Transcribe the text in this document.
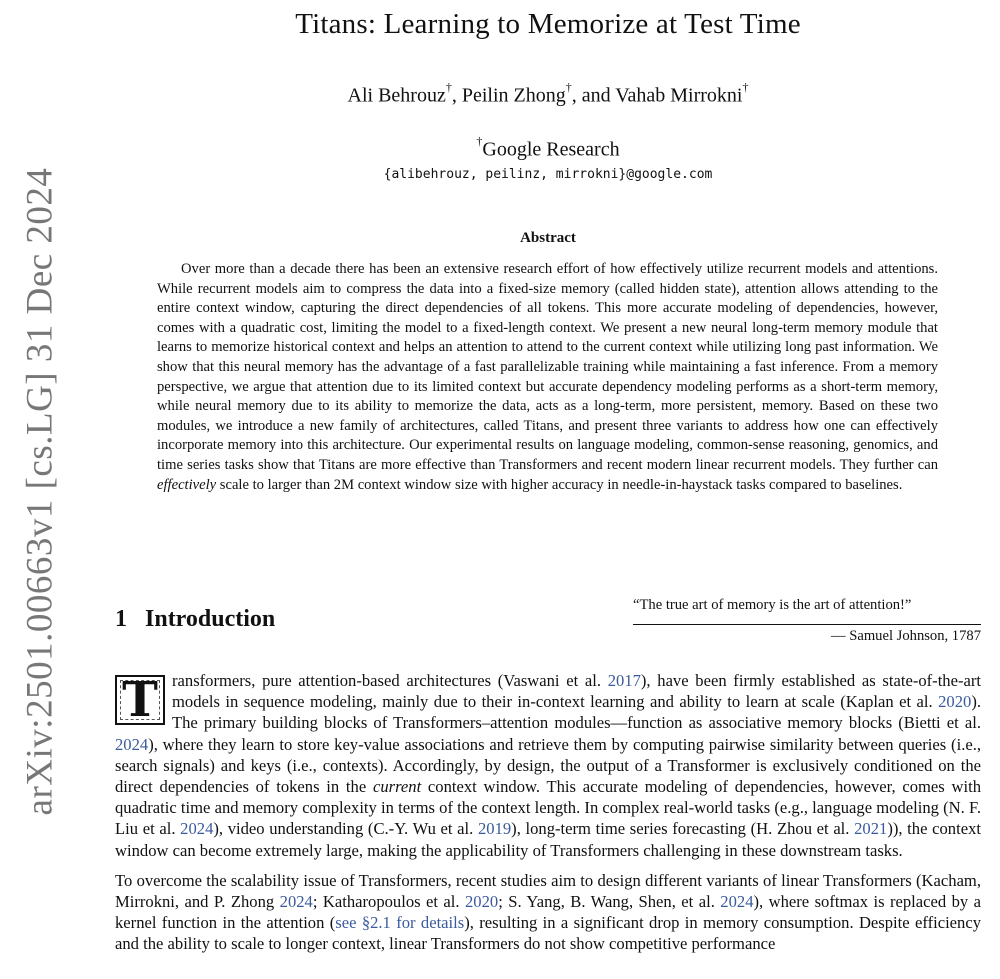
arXiv:2501.00663v1 [cs.LG] 31 Dec 2024
Titans: Learning to Memorize at Test Time
Ali Behrouz†, Peilin Zhong†, and Vahab Mirrokni†
†Google Research
{alibehrouz, peilinz, mirrokni}@google.com
Abstract

Over more than a decade there has been an extensive research effort of how effectively utilize recurrent models and attentions. While recurrent models aim to compress the data into a fixed-size memory (called hidden state), attention allows attending to the entire context window, capturing the direct dependencies of all tokens. This more accurate modeling of dependencies, however, comes with a quadratic cost, limiting the model to a fixed-length context. We present a new neural long-term memory module that learns to memorize historical context and helps an attention to attend to the current context while utilizing long past information. We show that this neural memory has the advantage of a fast parallelizable training while maintaining a fast inference. From a memory perspective, we argue that attention due to its limited context but accurate dependency modeling performs as a short-term memory, while neural memory due to its ability to memorize the data, acts as a long-term, more persistent, memory. Based on these two modules, we introduce a new family of architectures, called Titans, and present three variants to address how one can effectively incorporate memory into this architecture. Our experimental results on language modeling, common-sense reasoning, genomics, and time series tasks show that Titans are more effective than Transformers and recent modern linear recurrent models. They further can effectively scale to larger than 2M context window size with higher accuracy in needle-in-haystack tasks compared to baselines.

1 Introduction
“The true art of memory is the art of attention!”
— Samuel Johnson, 1787

T ransformers, pure attention-based architectures (Vaswani et al. 2017), have been firmly established as state-of-the-art models in sequence modeling, mainly due to their in-context learning and ability to learn at scale (Kaplan et al. 2020). The primary building blocks of Transformers–attention modules—function as associative memory blocks (Bietti et al. 2024), where they learn to store key-value associations and retrieve them by computing pairwise similarity between queries (i.e., search signals) and keys (i.e., contexts). Accordingly, by design, the output of a Transformer is exclusively conditioned on the direct dependencies of tokens in the current context window. This accurate modeling of dependencies, however, comes with quadratic time and memory complexity in terms of the context length. In complex real-world tasks (e.g., language modeling (N. F. Liu et al. 2024), video understanding (C.-Y. Wu et al. 2019), long-term time series forecasting (H. Zhou et al. 2021)), the context window can become extremely large, making the applicability of Transformers challenging in these downstream tasks.

To overcome the scalability issue of Transformers, recent studies aim to design different variants of linear Transformers (Kacham, Mirrokni, and P. Zhong 2024; Katharopoulos et al. 2020; S. Yang, B. Wang, Shen, et al. 2024), where softmax is replaced by a kernel function in the attention (see §2.1 for details), resulting in a significant drop in memory consumption. Despite efficiency and the ability to scale to longer context, linear Transformers do not show competitive performance
